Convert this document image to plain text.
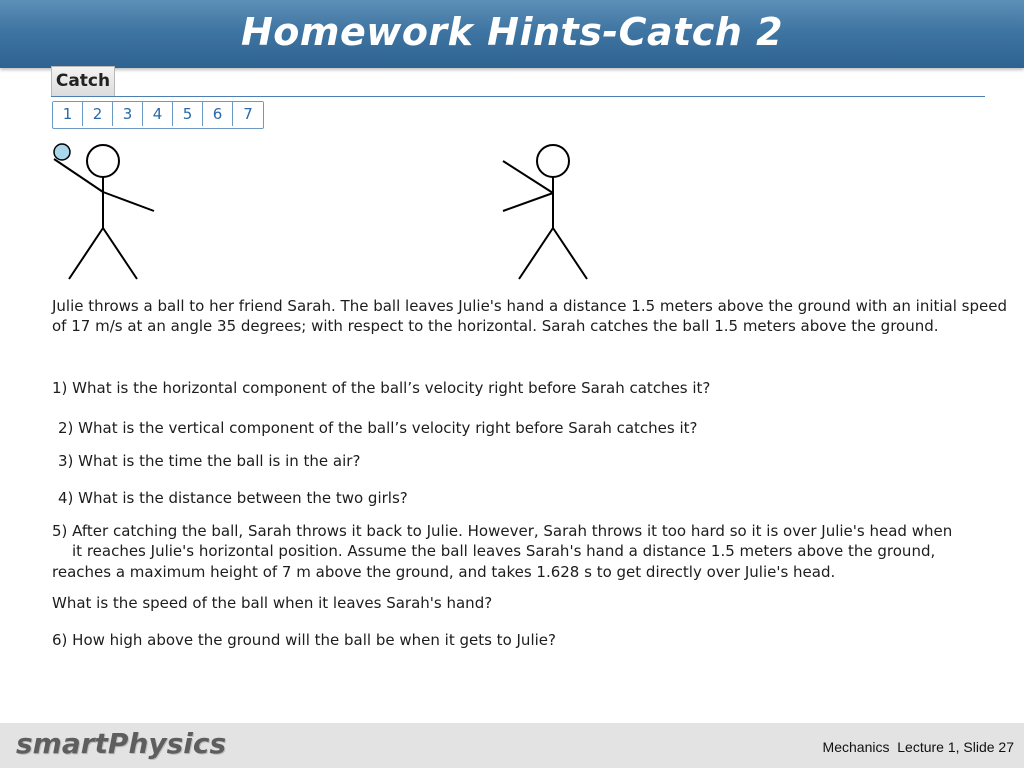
Homework Hints-Catch 2
Catch
1	2	3	4	5	6	7

Julie throws a ball to her friend Sarah. The ball leaves Julie's hand a distance 1.5 meters above the ground with an initial speed of 17 m/s at an angle 35 degrees; with respect to the horizontal. Sarah catches the ball 1.5 meters above the ground.

1) What is the horizontal component of the ball’s velocity right before Sarah catches it?

2) What is the vertical component of the ball’s velocity right before Sarah catches it?

3) What is the time the ball is in the air?

4) What is the distance between the two girls?

5) After catching the ball, Sarah throws it back to Julie. However, Sarah throws it too hard so it is over Julie's head when

it reaches Julie's horizontal position. Assume the ball leaves Sarah's hand a distance 1.5 meters above the ground,

reaches a maximum height of 7 m above the ground, and takes 1.628 s to get directly over Julie's head.

What is the speed of the ball when it leaves Sarah's hand?

6) How high above the ground will the ball be when it gets to Julie?

smartPhysics	Mechanics  Lecture 1, Slide 27
